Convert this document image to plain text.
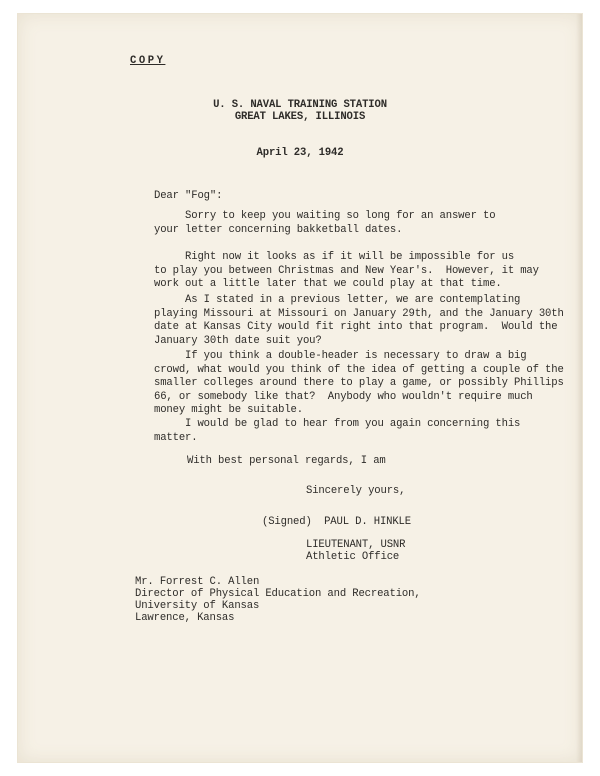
COPY
U. S. NAVAL TRAINING STATION
GREAT LAKES, ILLINOIS
April 23, 1942
Dear "Fog":
Sorry to keep you waiting so long for an answer to
your letter concerning bakketball dates.
Right now it looks as if it will be impossible for us
to play you between Christmas and New Year's.  However, it may
work out a little later that we could play at that time.
As I stated in a previous letter, we are contemplating
playing Missouri at Missouri on January 29th, and the January 30th
date at Kansas City would fit right into that program.  Would the
January 30th date suit you?
If you think a double-header is necessary to draw a big
crowd, what would you think of the idea of getting a couple of the
smaller colleges around there to play a game, or possibly Phillips
66, or somebody like that?  Anybody who wouldn't require much
money might be suitable.
I would be glad to hear from you again concerning this
matter.
With best personal regards, I am
Sincerely yours,
(Signed)  PAUL D. HINKLE
LIEUTENANT, USNR
Athletic Office
Mr. Forrest C. Allen
Director of Physical Education and Recreation,
University of Kansas
Lawrence, Kansas
